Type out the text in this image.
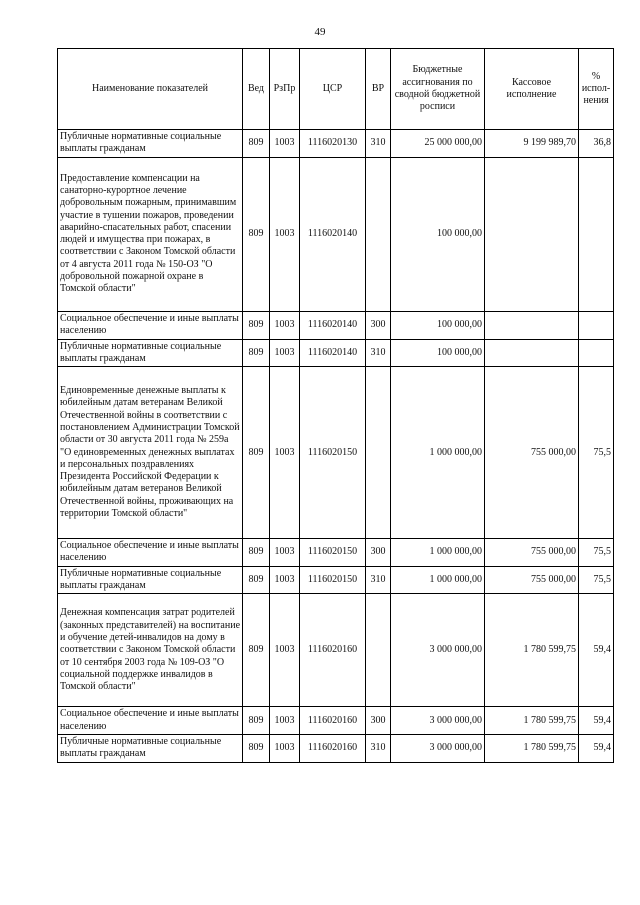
49
Наименование показателей	Вед	РзПр	ЦСР	ВР	Бюджетные ассигнования по сводной бюджетной росписи	Кассовое исполнение	% испол-нения
Публичные нормативные социальные выплаты гражданам	809	1003	1116020130	310	25 000 000,00	9 199 989,70	36,8
Предоставление компенсации на санаторно-курортное лечение добровольным пожарным, принимавшим участие в тушении пожаров, проведении аварийно-спасательных работ, спасении людей и имущества при пожарах, в соответствии с Законом Томской области от 4 августа 2011 года № 150-ОЗ "О добровольной пожарной охране в Томской области"	809	1003	1116020140		100 000,00		
Социальное обеспечение и иные выплаты населению	809	1003	1116020140	300	100 000,00		
Публичные нормативные социальные выплаты гражданам	809	1003	1116020140	310	100 000,00		
Единовременные денежные выплаты к юбилейным датам ветеранам Великой Отечественной войны в соответствии с постановлением Администрации Томской области от 30 августа 2011 года № 259а "О единовременных денежных выплатах и персональных поздравлениях Президента Российской Федерации к юбилейным датам ветеранов Великой Отечественной войны, проживающих на территории Томской области"	809	1003	1116020150		1 000 000,00	755 000,00	75,5
Социальное обеспечение и иные выплаты населению	809	1003	1116020150	300	1 000 000,00	755 000,00	75,5
Публичные нормативные социальные выплаты гражданам	809	1003	1116020150	310	1 000 000,00	755 000,00	75,5
Денежная компенсация затрат родителей (законных представителей) на воспитание и обучение детей-инвалидов на дому в соответствии с Законом Томской области от 10 сентября 2003 года № 109-ОЗ "О социальной поддержке инвалидов в Томской области"	809	1003	1116020160		3 000 000,00	1 780 599,75	59,4
Социальное обеспечение и иные выплаты населению	809	1003	1116020160	300	3 000 000,00	1 780 599,75	59,4
Публичные нормативные социальные выплаты гражданам	809	1003	1116020160	310	3 000 000,00	1 780 599,75	59,4
